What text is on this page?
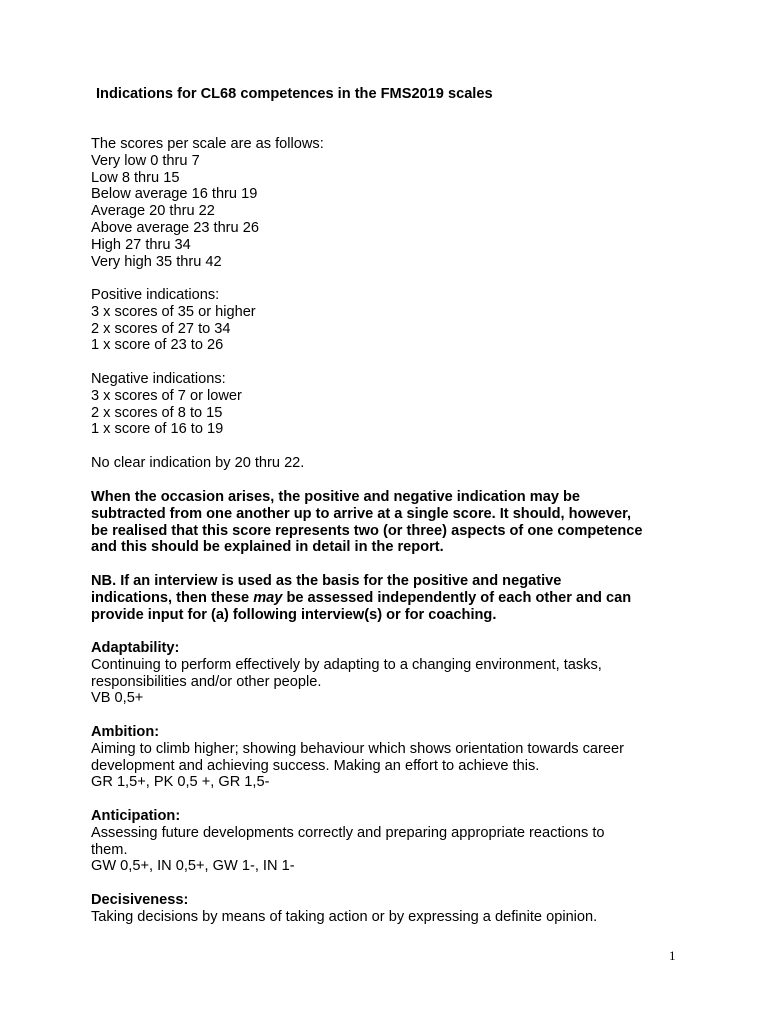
Indications for CL68 competences in the FMS2019 scales
The scores per scale are as follows:
Very low 0 thru 7
Low 8 thru 15
Below average 16 thru 19
Average 20 thru 22
Above average 23 thru 26
High 27 thru 34
Very high 35 thru 42
Positive indications:
3 x scores of 35 or higher
2 x scores of 27 to 34
1 x score of 23 to 26
Negative indications:
3 x scores of 7 or lower
2 x scores of 8 to 15
1 x score of 16 to 19
No clear indication by 20 thru 22.
When the occasion arises, the positive and negative indication may be
subtracted from one another up to arrive at a single score. It should, however,
be realised that this score represents two (or three) aspects of one competence
and this should be explained in detail in the report.
NB. If an interview is used as the basis for the positive and negative
indications, then these may be assessed independently of each other and can
provide input for (a) following interview(s) or for coaching.
Adaptability:
Continuing to perform effectively by adapting to a changing environment, tasks,
responsibilities and/or other people.
VB 0,5+
Ambition:
Aiming to climb higher; showing behaviour which shows orientation towards career
development and achieving success. Making an effort to achieve this.
GR 1,5+, PK 0,5 +, GR 1,5-
Anticipation:
Assessing future developments correctly and preparing appropriate reactions to
them.
GW 0,5+, IN 0,5+, GW 1-, IN 1-
Decisiveness:
Taking decisions by means of taking action or by expressing a definite opinion.
1
